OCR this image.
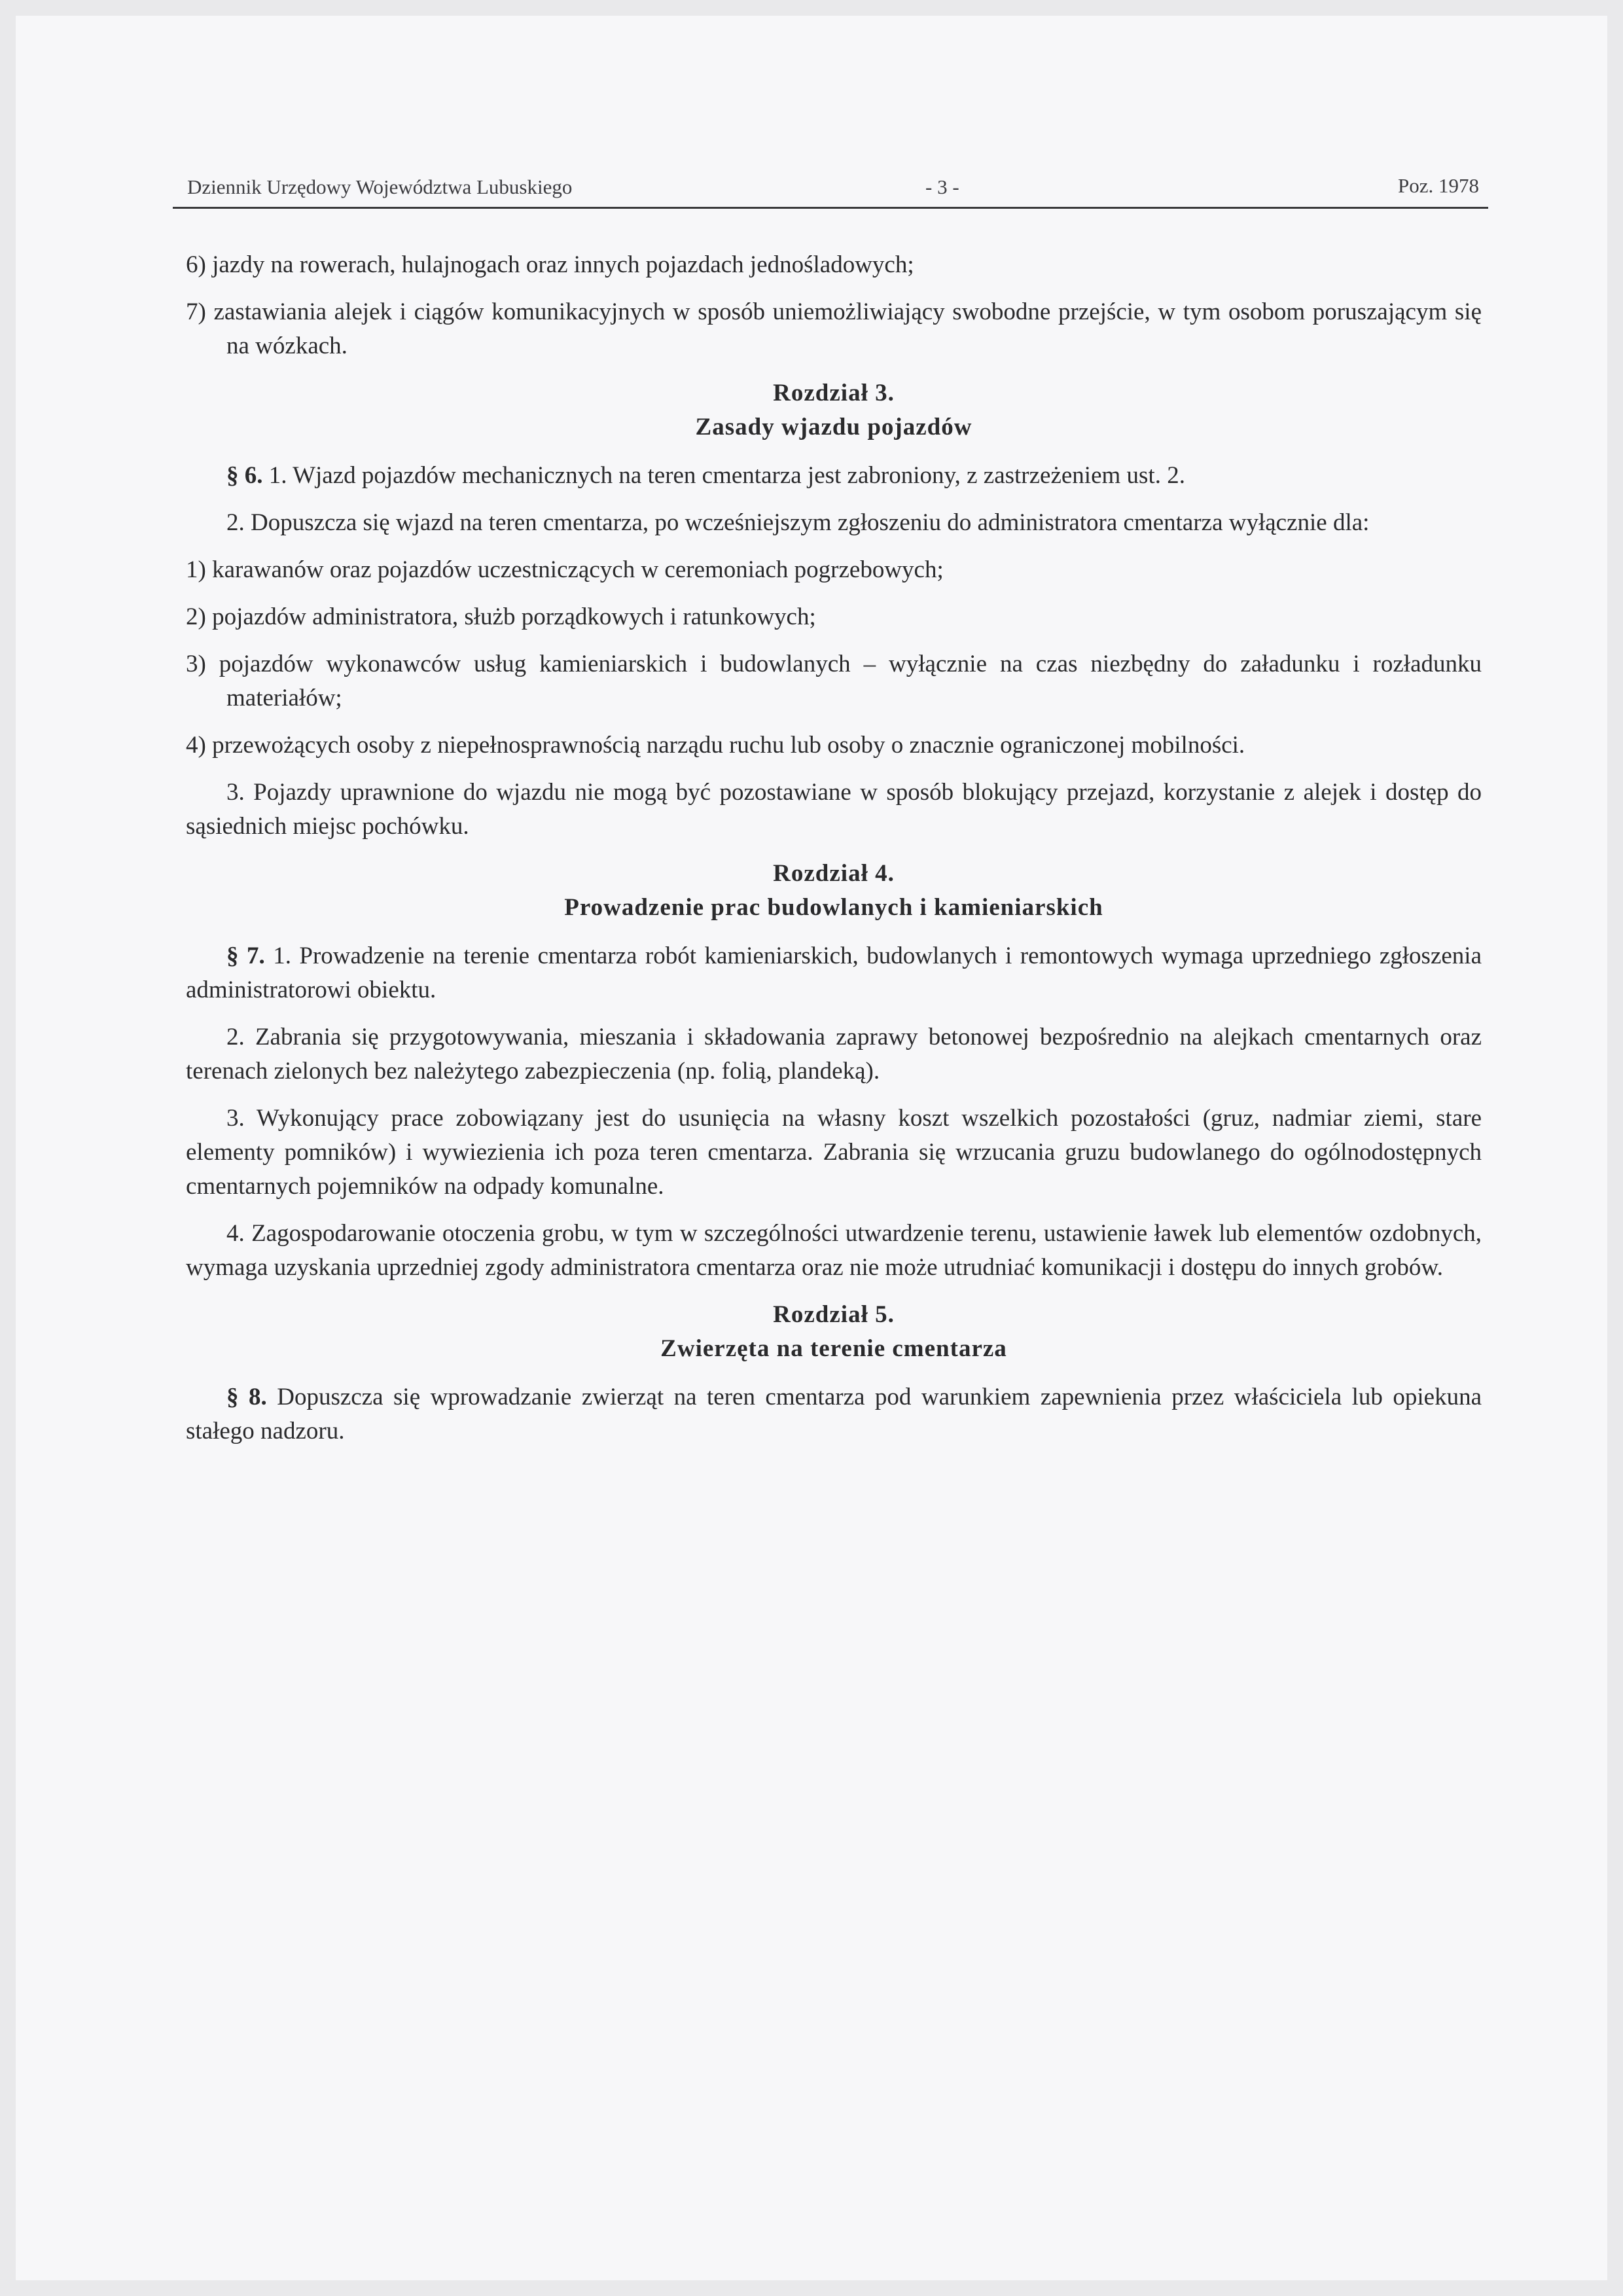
Dziennik Urzędowy Województwa Lubuskiego	- 3 -	Poz. 1978

6) jazdy na rowerach, hulajnogach oraz innych pojazdach jednośladowych;

7) zastawiania alejek i ciągów komunikacyjnych w sposób uniemożliwiający swobodne przejście, w tym osobom poruszającym się na wózkach.

Rozdział 3.
Zasady wjazdu pojazdów

§ 6. 1. Wjazd pojazdów mechanicznych na teren cmentarza jest zabroniony, z zastrzeżeniem ust. 2.

2. Dopuszcza się wjazd na teren cmentarza, po wcześniejszym zgłoszeniu do administratora cmentarza wyłącznie dla:

1) karawanów oraz pojazdów uczestniczących w ceremoniach pogrzebowych;

2) pojazdów administratora, służb porządkowych i ratunkowych;

3) pojazdów wykonawców usług kamieniarskich i budowlanych – wyłącznie na czas niezbędny do załadunku i rozładunku materiałów;

4) przewożących osoby z niepełnosprawnością narządu ruchu lub osoby o znacznie ograniczonej mobilności.

3. Pojazdy uprawnione do wjazdu nie mogą być pozostawiane w sposób blokujący przejazd, korzystanie z alejek i dostęp do sąsiednich miejsc pochówku.

Rozdział 4.
Prowadzenie prac budowlanych i kamieniarskich

§ 7. 1. Prowadzenie na terenie cmentarza robót kamieniarskich, budowlanych i remontowych wymaga uprzedniego zgłoszenia administratorowi obiektu.

2. Zabrania się przygotowywania, mieszania i składowania zaprawy betonowej bezpośrednio na alejkach cmentarnych oraz terenach zielonych bez należytego zabezpieczenia (np. folią, plandeką).

3. Wykonujący prace zobowiązany jest do usunięcia na własny koszt wszelkich pozostałości (gruz, nadmiar ziemi, stare elementy pomników) i wywiezienia ich poza teren cmentarza. Zabrania się wrzucania gruzu budowlanego do ogólnodostępnych cmentarnych pojemników na odpady komunalne.

4. Zagospodarowanie otoczenia grobu, w tym w szczególności utwardzenie terenu, ustawienie ławek lub elementów ozdobnych, wymaga uzyskania uprzedniej zgody administratora cmentarza oraz nie może utrudniać komunikacji i dostępu do innych grobów.

Rozdział 5.
Zwierzęta na terenie cmentarza

§ 8. Dopuszcza się wprowadzanie zwierząt na teren cmentarza pod warunkiem zapewnienia przez właściciela lub opiekuna stałego nadzoru.
